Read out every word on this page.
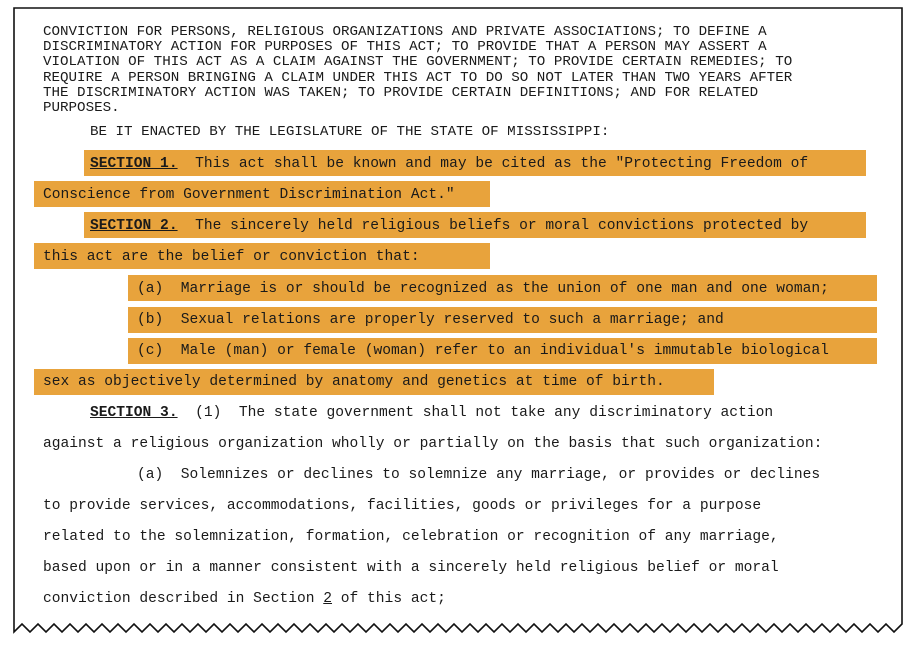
CONVICTION FOR PERSONS, RELIGIOUS ORGANIZATIONS AND PRIVATE ASSOCIATIONS; TO DEFINE A
DISCRIMINATORY ACTION FOR PURPOSES OF THIS ACT; TO PROVIDE THAT A PERSON MAY ASSERT A
VIOLATION OF THIS ACT AS A CLAIM AGAINST THE GOVERNMENT; TO PROVIDE CERTAIN REMEDIES; TO
REQUIRE A PERSON BRINGING A CLAIM UNDER THIS ACT TO DO SO NOT LATER THAN TWO YEARS AFTER
THE DISCRIMINATORY ACTION WAS TAKEN; TO PROVIDE CERTAIN DEFINITIONS; AND FOR RELATED
PURPOSES.
BE IT ENACTED BY THE LEGISLATURE OF THE STATE OF MISSISSIPPI:
SECTION 1. This act shall be known and may be cited as the "Protecting Freedom of
Conscience from Government Discrimination Act."
SECTION 2. The sincerely held religious beliefs or moral convictions protected by
this act are the belief or conviction that:
(a)  Marriage is or should be recognized as the union of one man and one woman;
(b)  Sexual relations are properly reserved to such a marriage; and
(c)  Male (man) or female (woman) refer to an individual's immutable biological
sex as objectively determined by anatomy and genetics at time of birth.
SECTION 3. (1)  The state government shall not take any discriminatory action
against a religious organization wholly or partially on the basis that such organization:
(a)  Solemnizes or declines to solemnize any marriage, or provides or declines
to provide services, accommodations, facilities, goods or privileges for a purpose
related to the solemnization, formation, celebration or recognition of any marriage,
based upon or in a manner consistent with a sincerely held religious belief or moral
conviction described in Section 2 of this act;
